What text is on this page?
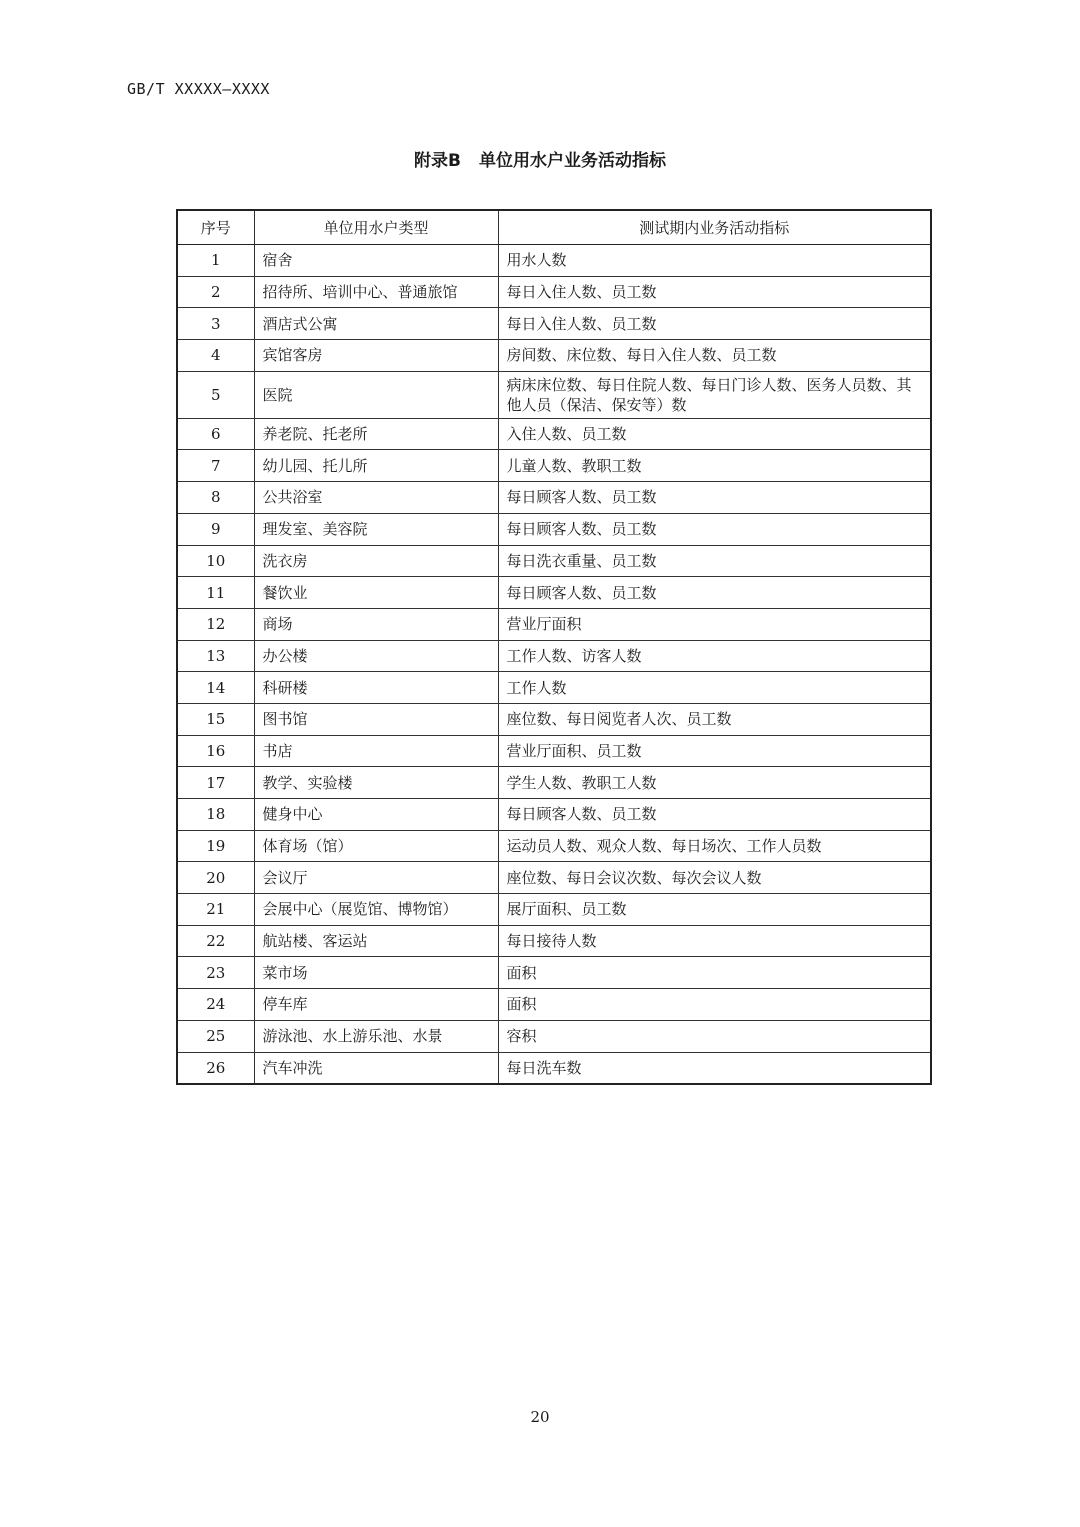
GB/T XXXXX—XXXX
附录B 单位用水户业务活动指标
序号	单位用水户类型	测试期内业务活动指标
1	宿舍	用水人数
2	招待所、培训中心、普通旅馆	每日入住人数、员工数
3	酒店式公寓	每日入住人数、员工数
4	宾馆客房	房间数、床位数、每日入住人数、员工数
5	医院	病床床位数、每日住院人数、每日门诊人数、医务人员数、其他人员（保洁、保安等）数
6	养老院、托老所	入住人数、员工数
7	幼儿园、托儿所	儿童人数、教职工数
8	公共浴室	每日顾客人数、员工数
9	理发室、美容院	每日顾客人数、员工数
10	洗衣房	每日洗衣重量、员工数
11	餐饮业	每日顾客人数、员工数
12	商场	营业厅面积
13	办公楼	工作人数、访客人数
14	科研楼	工作人数
15	图书馆	座位数、每日阅览者人次、员工数
16	书店	营业厅面积、员工数
17	教学、实验楼	学生人数、教职工人数
18	健身中心	每日顾客人数、员工数
19	体育场（馆）	运动员人数、观众人数、每日场次、工作人员数
20	会议厅	座位数、每日会议次数、每次会议人数
21	会展中心（展览馆、博物馆）	展厅面积、员工数
22	航站楼、客运站	每日接待人数
23	菜市场	面积
24	停车库	面积
25	游泳池、水上游乐池、水景	容积
26	汽车冲洗	每日洗车数
20
